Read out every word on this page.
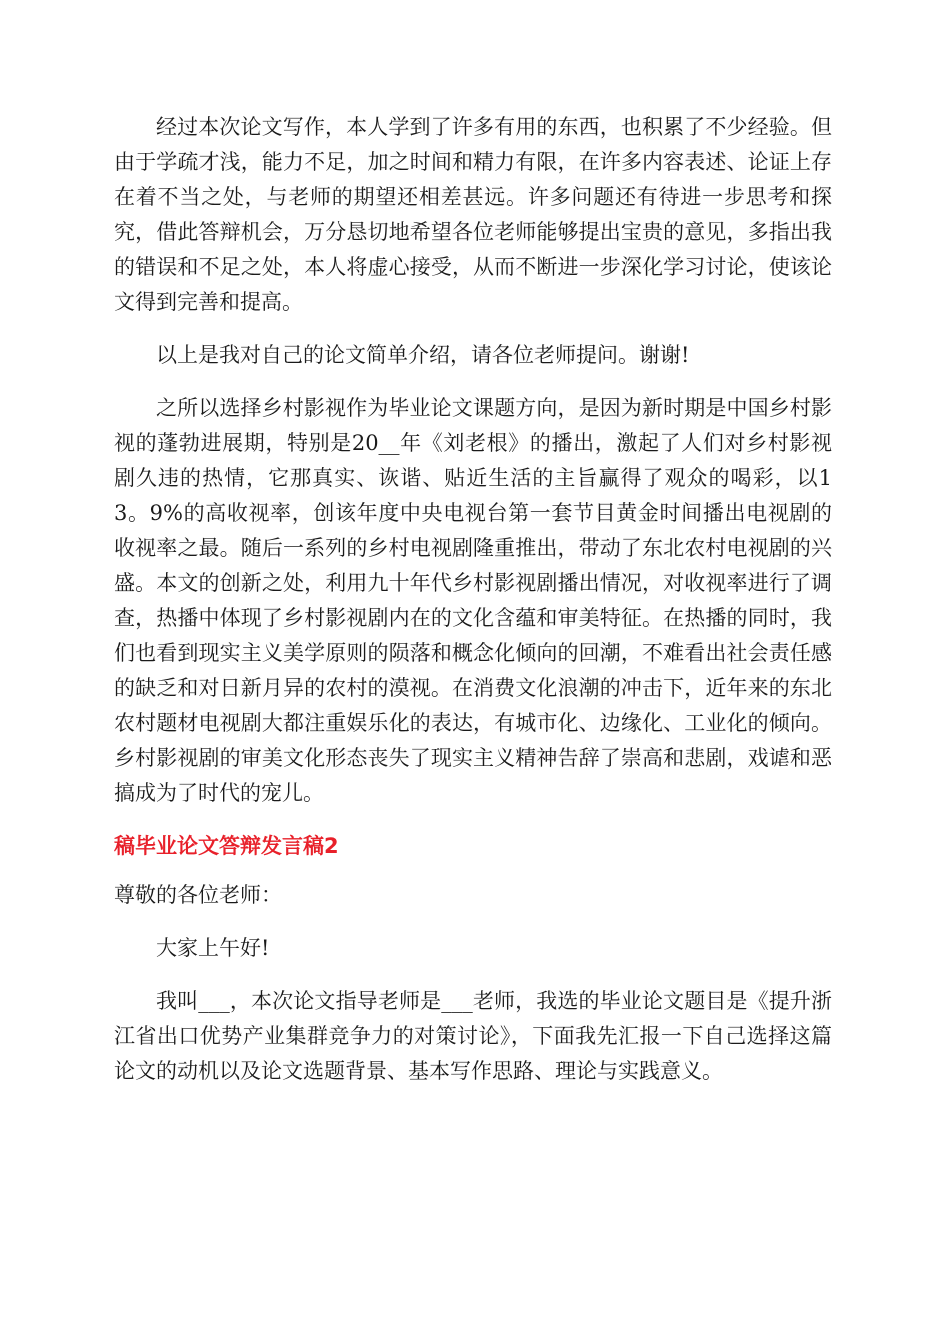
经过本次论文写作，本人学到了许多有用的东西，也积累了不少经验。但由于学疏才浅，能力不足，加之时间和精力有限，在许多内容表述、论证上存在着不当之处，与老师的期望还相差甚远。许多问题还有待进一步思考和探究，借此答辩机会，万分恳切地希望各位老师能够提出宝贵的意见，多指出我的错误和不足之处，本人将虚心接受，从而不断进一步深化学习讨论，使该论文得到完善和提高。

以上是我对自己的论文简单介绍，请各位老师提问。谢谢!

之所以选择乡村影视作为毕业论文课题方向，是因为新时期是中国乡村影视的蓬勃进展期，特别是20__年《刘老根》的播出，激起了人们对乡村影视剧久违的热情，它那真实、诙谐、贴近生活的主旨赢得了观众的喝彩，以13。9%的高收视率，创该年度中央电视台第一套节目黄金时间播出电视剧的收视率之最。随后一系列的乡村电视剧隆重推出，带动了东北农村电视剧的兴盛。本文的创新之处，利用九十年代乡村影视剧播出情况，对收视率进行了调查，热播中体现了乡村影视剧内在的文化含蕴和审美特征。在热播的同时，我们也看到现实主义美学原则的陨落和概念化倾向的回潮，不难看出社会责任感的缺乏和对日新月异的农村的漠视。在消费文化浪潮的冲击下，近年来的东北农村题材电视剧大都注重娱乐化的表达，有城市化、边缘化、工业化的倾向。乡村影视剧的审美文化形态丧失了现实主义精神告辞了崇高和悲剧，戏谑和恶搞成为了时代的宠儿。

稿毕业论文答辩发言稿2

尊敬的各位老师：

大家上午好!

我叫___，本次论文指导老师是___老师，我选的毕业论文题目是《提升浙江省出口优势产业集群竞争力的对策讨论》，下面我先汇报一下自己选择这篇论文的动机以及论文选题背景、基本写作思路、理论与实践意义。
